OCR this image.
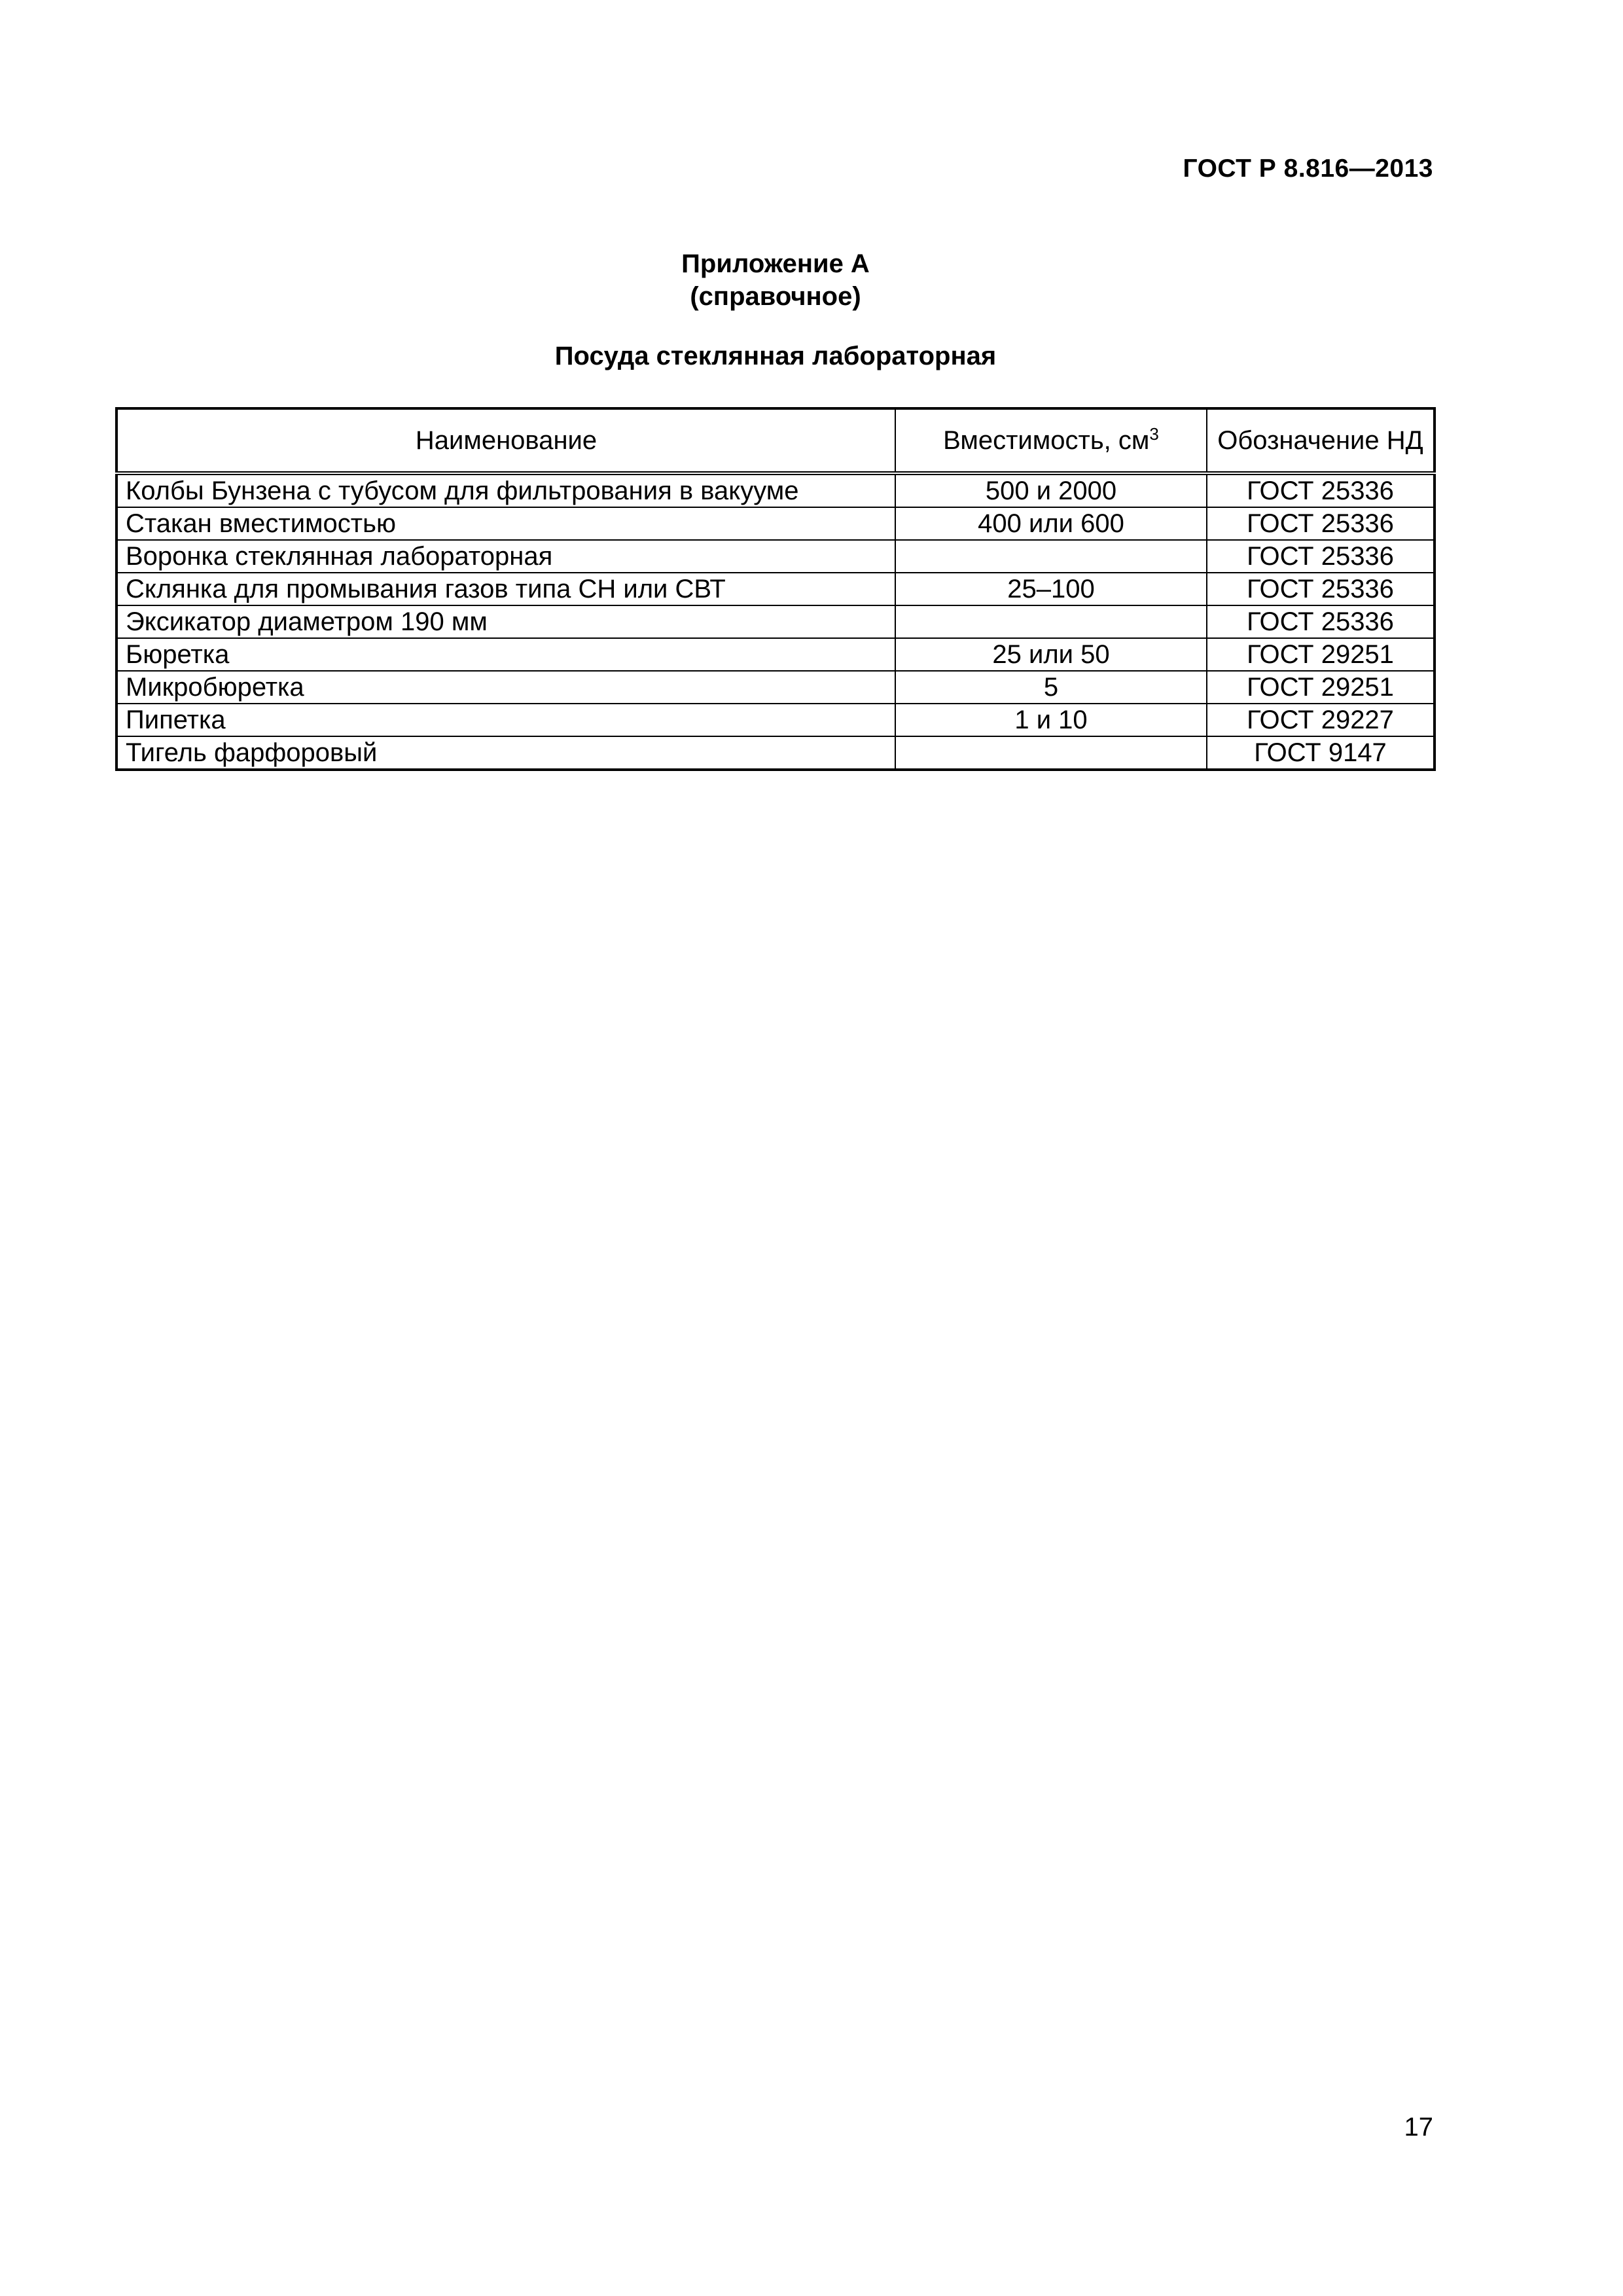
ГОСТ Р 8.816—2013
Приложение А
(справочное)
Посуда стеклянная лабораторная
Наименование	Вместимость, $см^3$	Обозначение НД
Колбы Бунзена с тубусом для фильтрования в вакууме	500 и 2000	ГОСТ 25336
Стакан вместимостью	400 или 600	ГОСТ 25336
Воронка стеклянная лабораторная		ГОСТ 25336
Склянка для промывания газов типа СН или СВТ	25–100	ГОСТ 25336
Эксикатор диаметром 190 мм		ГОСТ 25336
Бюретка	25 или 50	ГОСТ 29251
Микробюретка	5	ГОСТ 29251
Пипетка	1 и 10	ГОСТ 29227
Тигель фарфоровый		ГОСТ 9147
17
